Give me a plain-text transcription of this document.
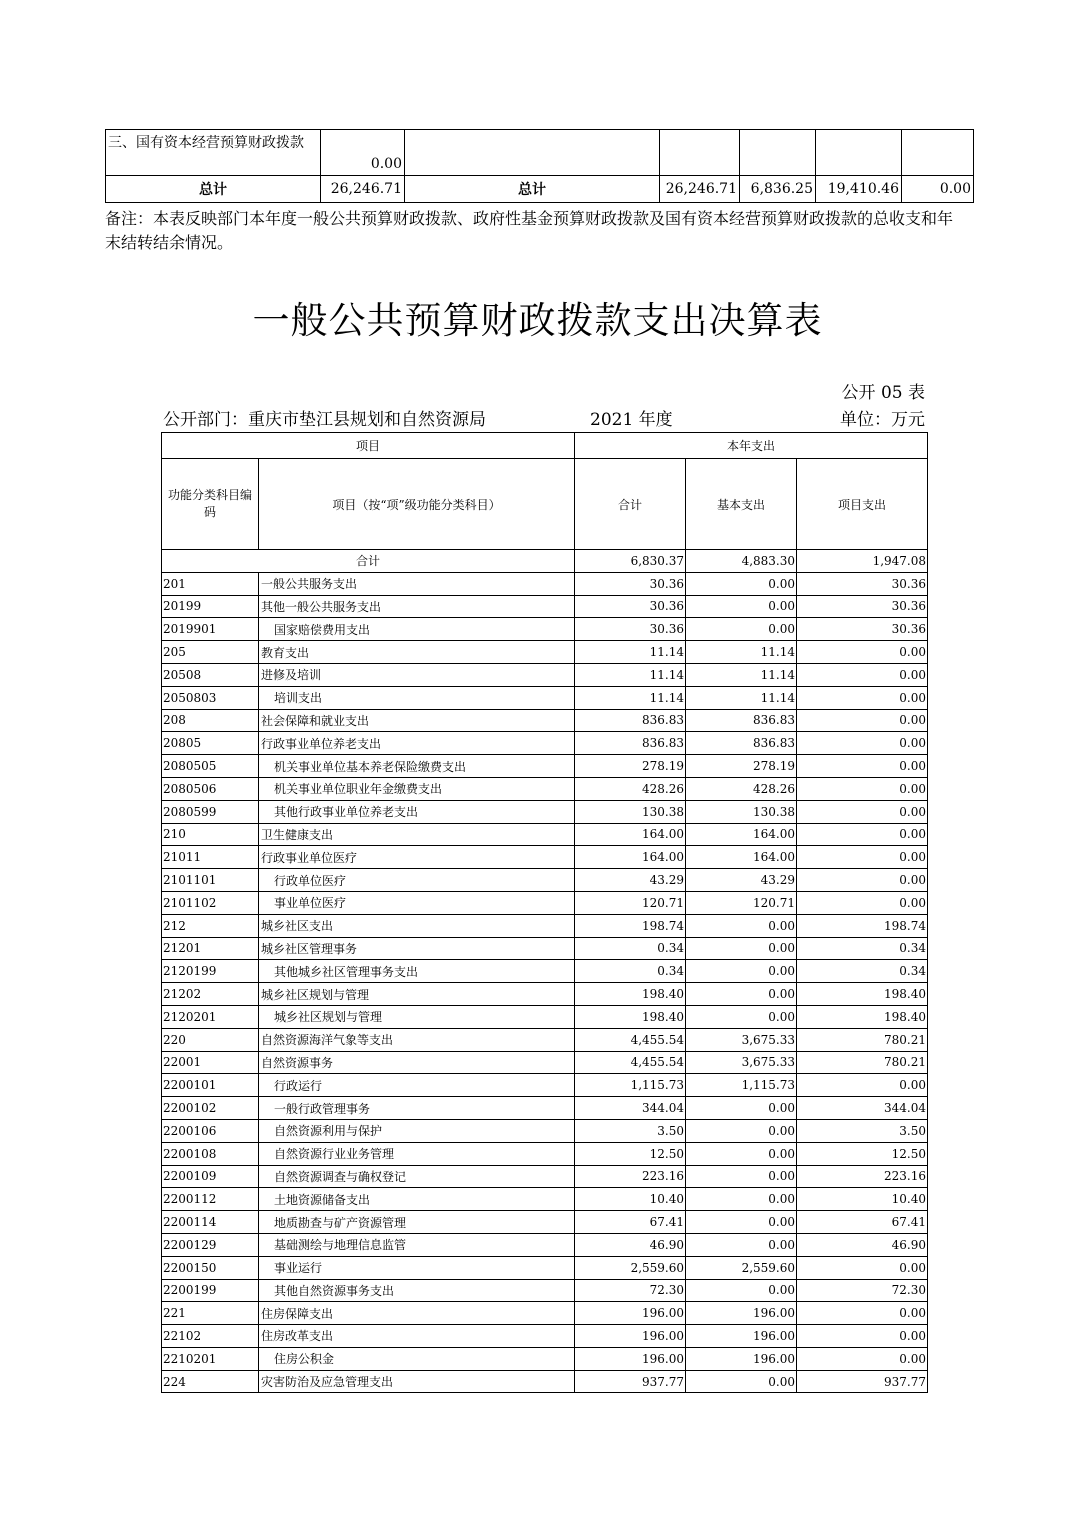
三、国有资本经营预算财政拨款	0.00					
总计	26,246.71	总计	26,246.71	6,836.25	19,410.46	0.00
备注：本表反映部门本年度一般公共预算财政拨款、政府性基金预算财政拨款及国有资本经营预算财政拨款的总收支和年末结转结余情况。
一般公共预算财政拨款支出决算表
公开 05 表
公开部门：重庆市垫江县规划和自然资源局	2021 年度	单位：万元
项目		本年支出		
功能分类科目编码	项目（按“项”级功能分类科目）	合计	基本支出	项目支出
合计		6,830.37	4,883.30	1,947.08
201	一般公共服务支出	30.36	0.00	30.36
20199	其他一般公共服务支出	30.36	0.00	30.36
2019901	国家赔偿费用支出	30.36	0.00	30.36
205	教育支出	11.14	11.14	0.00
20508	进修及培训	11.14	11.14	0.00
2050803	培训支出	11.14	11.14	0.00
208	社会保障和就业支出	836.83	836.83	0.00
20805	行政事业单位养老支出	836.83	836.83	0.00
2080505	机关事业单位基本养老保险缴费支出	278.19	278.19	0.00
2080506	机关事业单位职业年金缴费支出	428.26	428.26	0.00
2080599	其他行政事业单位养老支出	130.38	130.38	0.00
210	卫生健康支出	164.00	164.00	0.00
21011	行政事业单位医疗	164.00	164.00	0.00
2101101	行政单位医疗	43.29	43.29	0.00
2101102	事业单位医疗	120.71	120.71	0.00
212	城乡社区支出	198.74	0.00	198.74
21201	城乡社区管理事务	0.34	0.00	0.34
2120199	其他城乡社区管理事务支出	0.34	0.00	0.34
21202	城乡社区规划与管理	198.40	0.00	198.40
2120201	城乡社区规划与管理	198.40	0.00	198.40
220	自然资源海洋气象等支出	4,455.54	3,675.33	780.21
22001	自然资源事务	4,455.54	3,675.33	780.21
2200101	行政运行	1,115.73	1,115.73	0.00
2200102	一般行政管理事务	344.04	0.00	344.04
2200106	自然资源利用与保护	3.50	0.00	3.50
2200108	自然资源行业业务管理	12.50	0.00	12.50
2200109	自然资源调查与确权登记	223.16	0.00	223.16
2200112	土地资源储备支出	10.40	0.00	10.40
2200114	地质勘查与矿产资源管理	67.41	0.00	67.41
2200129	基础测绘与地理信息监管	46.90	0.00	46.90
2200150	事业运行	2,559.60	2,559.60	0.00
2200199	其他自然资源事务支出	72.30	0.00	72.30
221	住房保障支出	196.00	196.00	0.00
22102	住房改革支出	196.00	196.00	0.00
2210201	住房公积金	196.00	196.00	0.00
224	灾害防治及应急管理支出	937.77	0.00	937.77
